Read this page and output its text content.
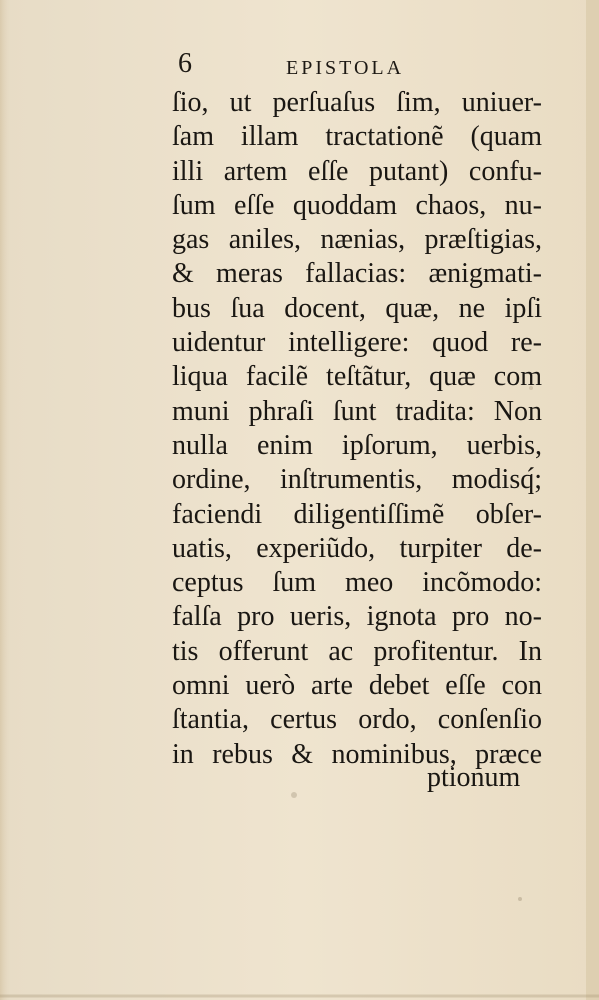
6	EPISTOLA
ſio, ut perſuaſus ſim, uniuer-
ſam illam tractationẽ (quam
illi artem eſſe putant) confu-
ſum eſſe quoddam chaos, nu-
gas aniles, nænias, præſtigias,
& meras fallacias: ænigmati-
bus ſua docent, quæ, ne ipſi
uidentur intelligere: quod re-
liqua facilẽ teſtãtur, quæ com
muni phraſi ſunt tradita: Non
nulla enim ipſorum, uerbis,
ordine, inſtrumentis, modisq́;
faciendi diligentiſſimẽ obſer-
uatis, experiũdo, turpiter de-
ceptus ſum meo incõmodo:
falſa pro ueris, ignota pro no-
tis offerunt ac profitentur. In
omni uerò arte debet eſſe con
ſtantia, certus ordo, conſenſio
in rebus & nominibus, præce
ptionum
